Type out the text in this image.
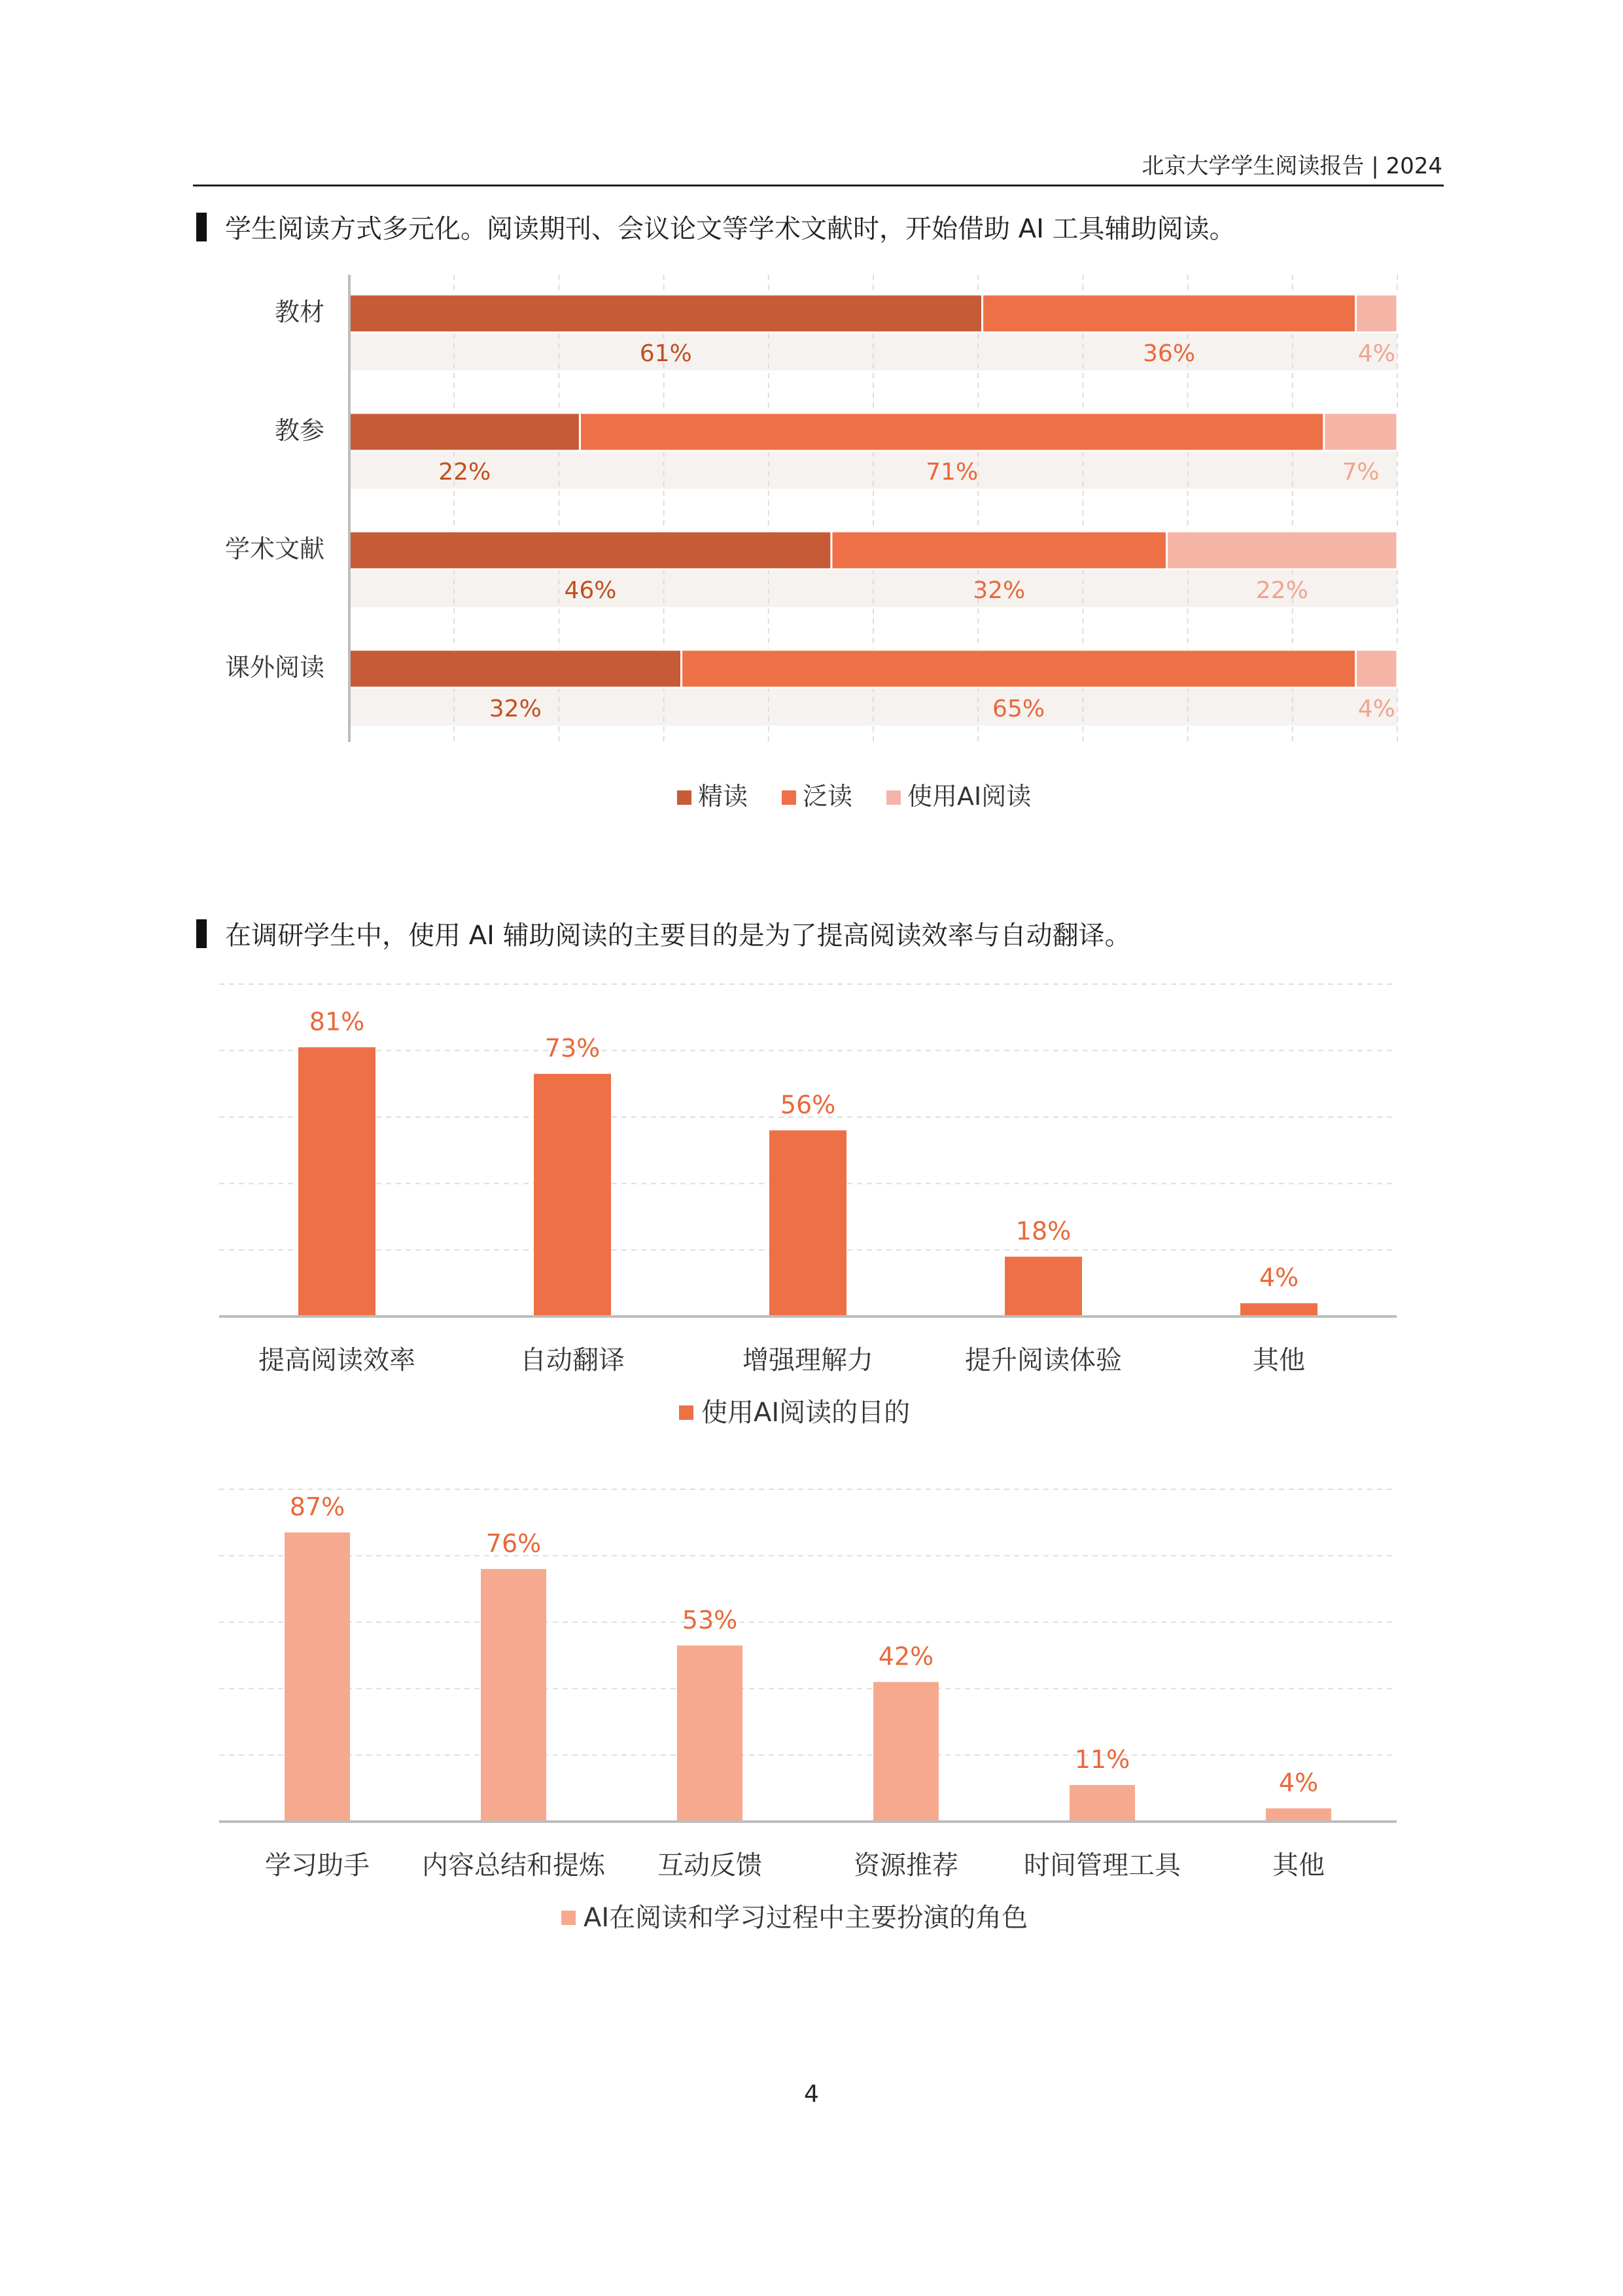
北京大学学生阅读报告 | 2024
学生阅读方式多元化。阅读期刊、会议论文等学术文献时，开始借助 AI 工具辅助阅读。
教材
61%	36%	4%
教参
22%	71%	7%
学术文献
46%	32%	22%
课外阅读
32%	65%	4%
精读 泛读 使用AI阅读
在调研学生中，使用 AI 辅助阅读的主要目的是为了提高阅读效率与自动翻译。
81%
提高阅读效率
73%
自动翻译
56%
增强理解力
18%
提升阅读体验
4%
其他
使用AI阅读的目的
87%
学习助手
76%
内容总结和提炼
53%
互动反馈
42%
资源推荐
11%
时间管理工具
4%
其他
AI在阅读和学习过程中主要扮演的角色
4
